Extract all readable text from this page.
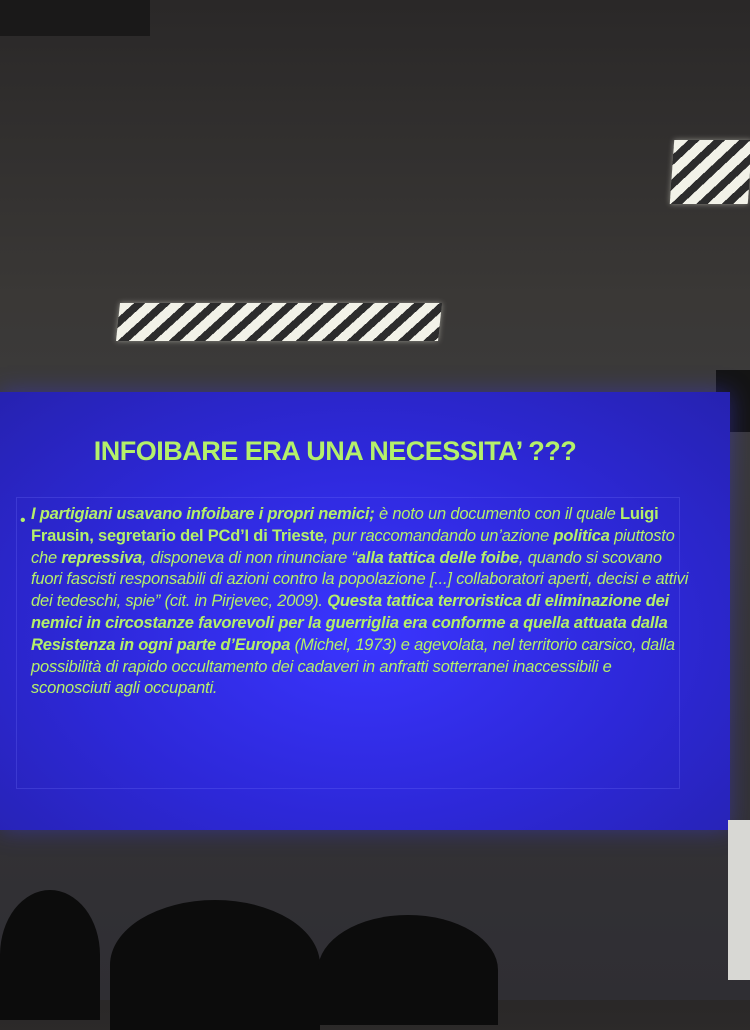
INFOIBARE ERA UNA NECESSITA’ ???
• I partigiani usavano infoibare i propri nemici; è noto un documento con il quale Luigi Frausin, segretario del PCd’I di Trieste, pur raccomandando un’azione politica piuttosto che repressiva, disponeva di non rinunciare “alla tattica delle foibe, quando si scovano fuori fascisti responsabili di azioni contro la popolazione [...] collaboratori aperti, decisi e attivi dei tedeschi, spie” (cit. in Pirjevec, 2009). Questa tattica terroristica di eliminazione dei nemici in circostanze favorevoli per la guerriglia era conforme a quella attuata dalla Resistenza in ogni parte d’Europa (Michel, 1973) e agevolata, nel territorio carsico, dalla possibilità di rapido occultamento dei cadaveri in anfratti sotterranei inaccessibili e sconosciuti agli occupanti.
